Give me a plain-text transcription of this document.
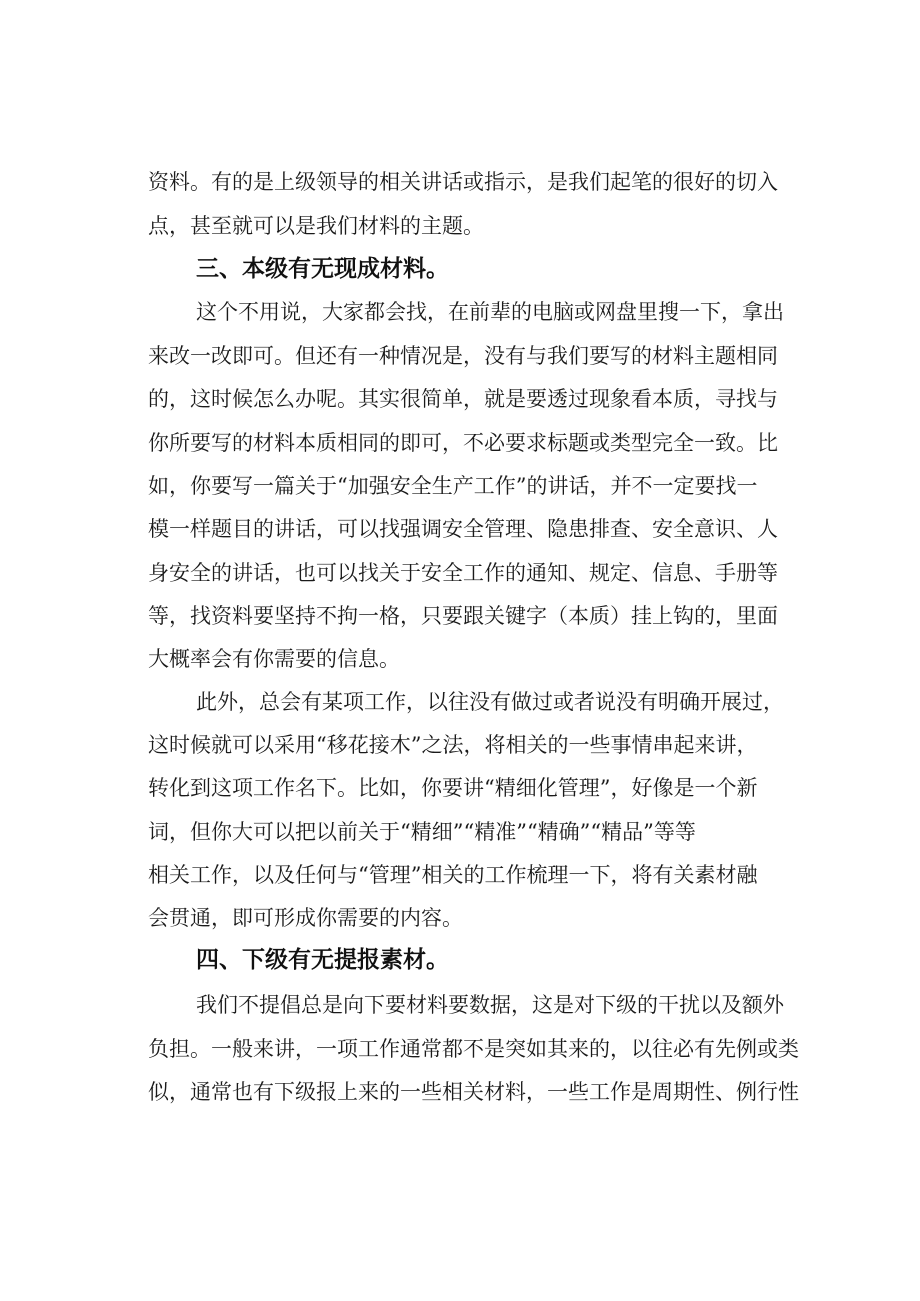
资料。有的是上级领导的相关讲话或指示，是我们起笔的很好的切入

点，甚至就可以是我们材料的主题。

三、本级有无现成材料。

这个不用说，大家都会找，在前辈的电脑或网盘里搜一下，拿出

来改一改即可。但还有一种情况是，没有与我们要写的材料主题相同

的，这时候怎么办呢。其实很简单，就是要透过现象看本质，寻找与

你所要写的材料本质相同的即可，不必要求标题或类型完全一致。比

如，你要写一篇关于“加强安全生产工作”的讲话，并不一定要找一

模一样题目的讲话，可以找强调安全管理、隐患排查、安全意识、人

身安全的讲话，也可以找关于安全工作的通知、规定、信息、手册等

等，找资料要坚持不拘一格，只要跟关键字（本质）挂上钩的，里面

大概率会有你需要的信息。

此外，总会有某项工作，以往没有做过或者说没有明确开展过，

这时候就可以采用“移花接木”之法，将相关的一些事情串起来讲，

转化到这项工作名下。比如，你要讲“精细化管理”，好像是一个新

词，但你大可以把以前关于“精细”“精准”“精确”“精品”等等

相关工作，以及任何与“管理”相关的工作梳理一下，将有关素材融

会贯通，即可形成你需要的内容。

四、下级有无提报素材。

我们不提倡总是向下要材料要数据，这是对下级的干扰以及额外

负担。一般来讲，一项工作通常都不是突如其来的，以往必有先例或类

似，通常也有下级报上来的一些相关材料，一些工作是周期性、例行性
